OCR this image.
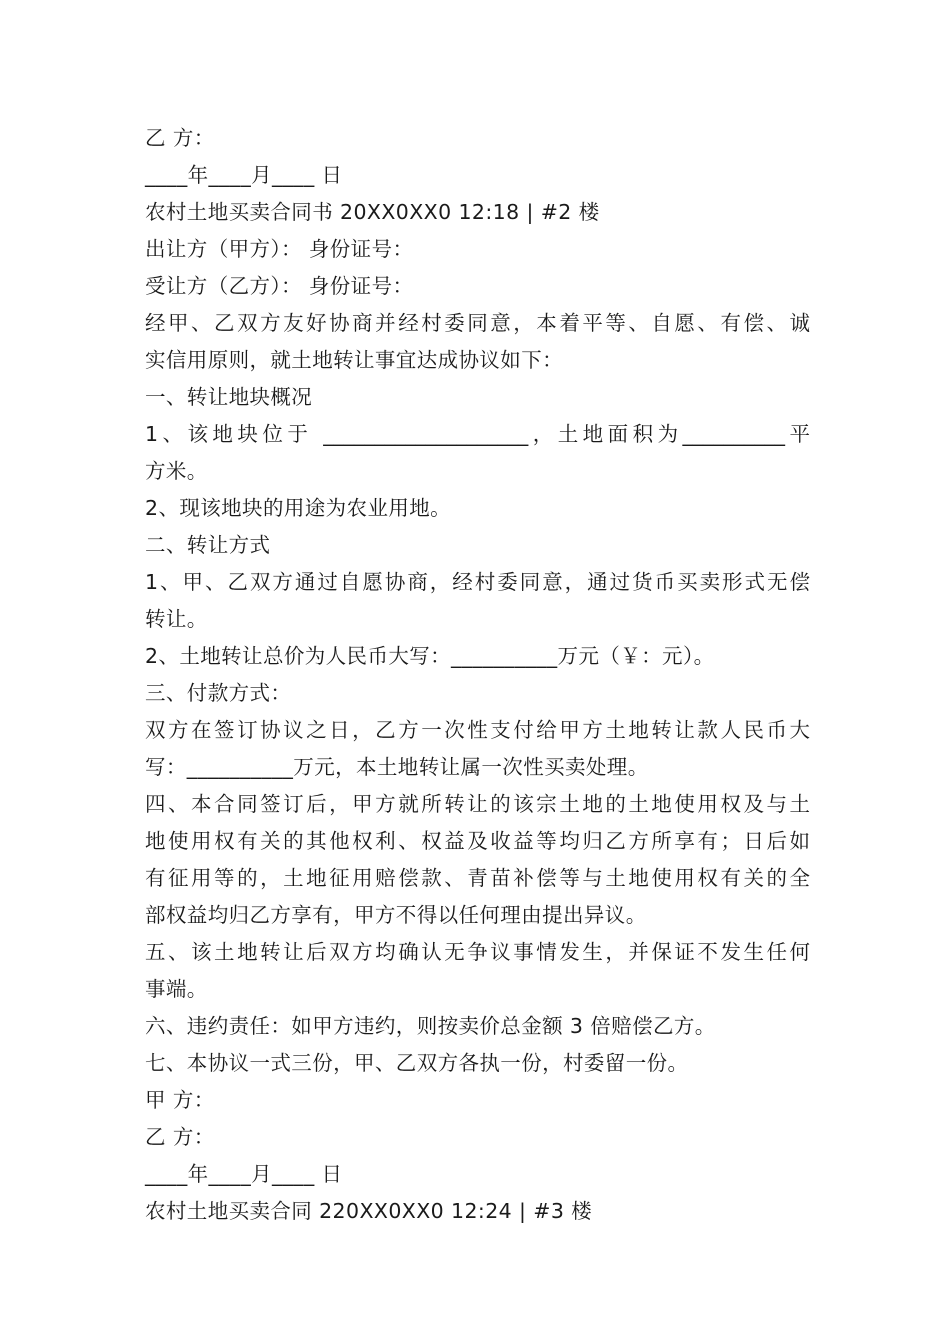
乙 方：

____年____月____ 日

农村土地买卖合同书 20XX0XX0 12:18 | #2 楼

出让方（甲方）： 身份证号：

受让方（乙方）： 身份证号：

经甲、乙双方友好协商并经村委同意，本着平等、自愿、有偿、诚

实信用原则，就土地转让事宜达成协议如下：

一、转让地块概况

1、该地块位于 ____________________，土地面积为__________平

方米。

2、现该地块的用途为农业用地。

二、转让方式

1、甲、乙双方通过自愿协商，经村委同意，通过货币买卖形式无偿

转让。

2、土地转让总价为人民币大写：__________万元（￥：元）。

三、付款方式：

双方在签订协议之日，乙方一次性支付给甲方土地转让款人民币大

写：__________万元，本土地转让属一次性买卖处理。

四、本合同签订后，甲方就所转让的该宗土地的土地使用权及与土

地使用权有关的其他权利、权益及收益等均归乙方所享有；日后如

有征用等的，土地征用赔偿款、青苗补偿等与土地使用权有关的全

部权益均归乙方享有，甲方不得以任何理由提出异议。

五、该土地转让后双方均确认无争议事情发生，并保证不发生任何

事端。

六、违约责任：如甲方违约，则按卖价总金额 3 倍赔偿乙方。

七、本协议一式三份，甲、乙双方各执一份，村委留一份。

甲 方：

乙 方：

____年____月____ 日

农村土地买卖合同 220XX0XX0 12:24 | #3 楼
